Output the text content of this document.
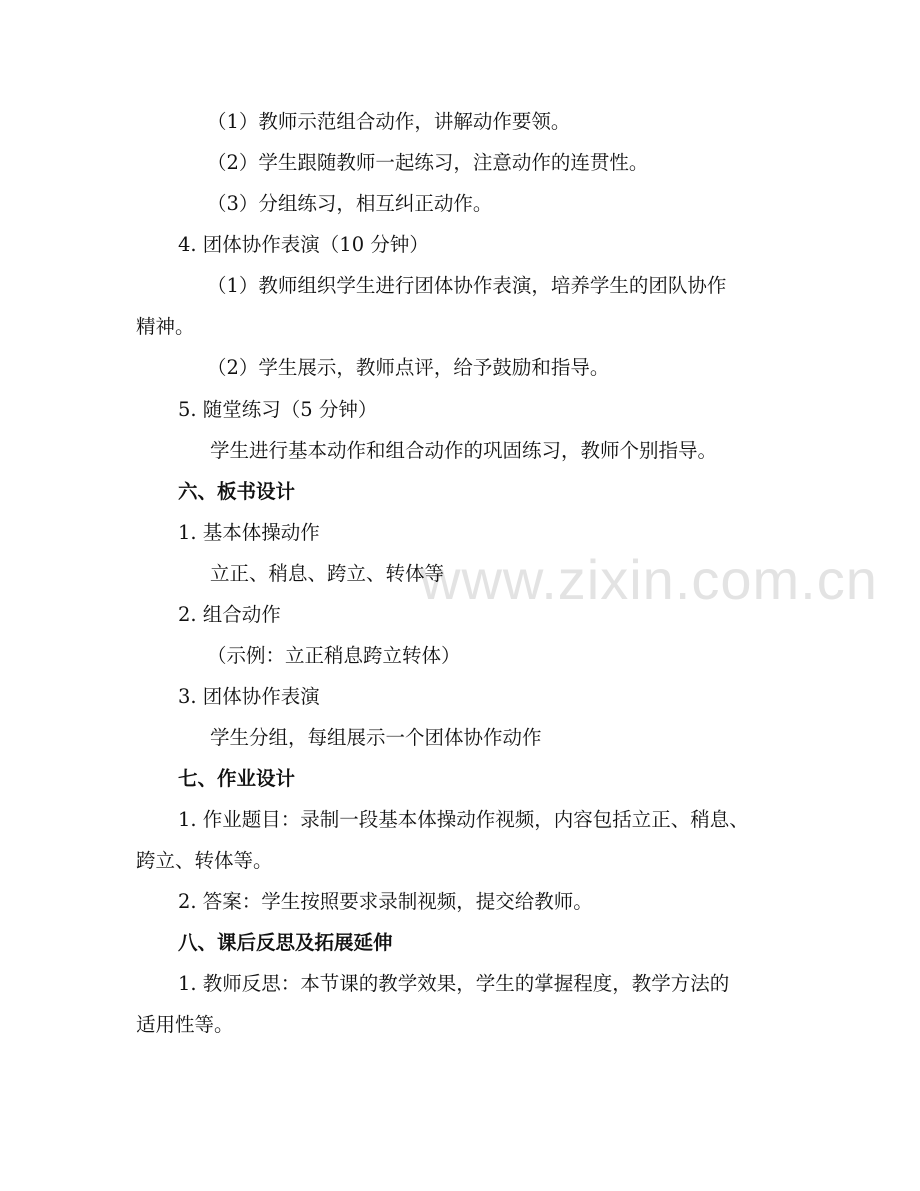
www.zixin.com.cn
（1）教师示范组合动作，讲解动作要领。
（2）学生跟随教师一起练习，注意动作的连贯性。
（3）分组练习，相互纠正动作。
4. 团体协作表演（10 分钟）
（1）教师组织学生进行团体协作表演，培养学生的团队协作
精神。
（2）学生展示，教师点评，给予鼓励和指导。
5. 随堂练习（5 分钟）
学生进行基本动作和组合动作的巩固练习，教师个别指导。
六、板书设计
1. 基本体操动作
立正、稍息、跨立、转体等
2. 组合动作
（示例：立正稍息跨立转体）
3. 团体协作表演
学生分组，每组展示一个团体协作动作
七、作业设计
1. 作业题目：录制一段基本体操动作视频，内容包括立正、稍息、
跨立、转体等。
2. 答案：学生按照要求录制视频，提交给教师。
八、课后反思及拓展延伸
1. 教师反思：本节课的教学效果，学生的掌握程度，教学方法的
适用性等。
